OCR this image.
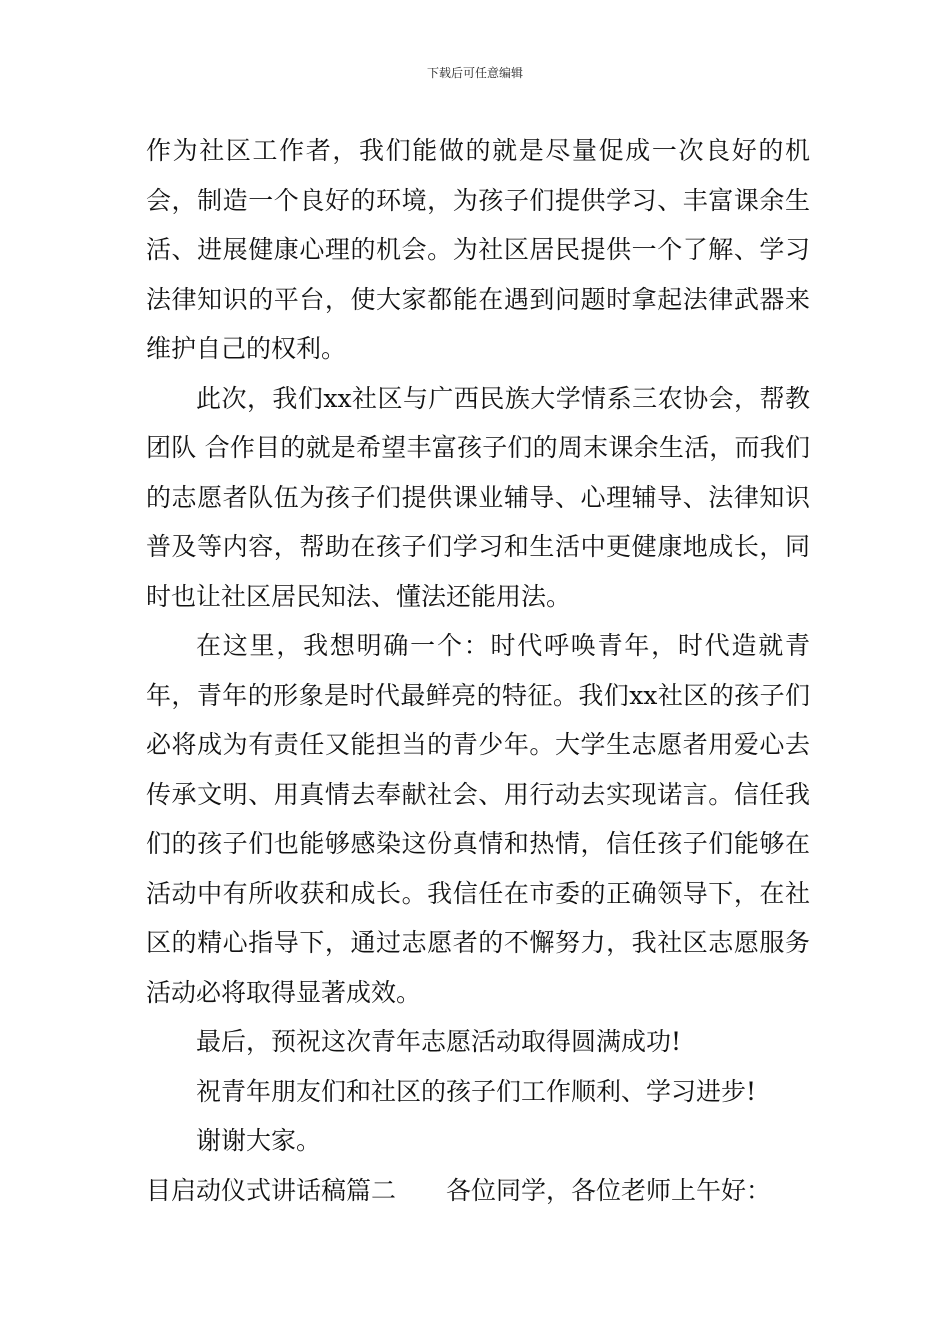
下载后可任意编辑

作为社区工作者，我们能做的就是尽量促成一次良好的机会，制造一个良好的环境，为孩子们提供学习、丰富课余生活、进展健康心理的机会。为社区居民提供一个了解、学习法律知识的平台，使大家都能在遇到问题时拿起法律武器来维护自己的权利。

此次，我们xx社区与广西民族大学情系三农协会，帮教团队 合作目的就是希望丰富孩子们的周末课余生活，而我们的志愿者队伍为孩子们提供课业辅导、心理辅导、法律知识普及等内容，帮助在孩子们学习和生活中更健康地成长，同时也让社区居民知法、懂法还能用法。

在这里，我想明确一个：时代呼唤青年，时代造就青年，青年的形象是时代最鲜亮的特征。我们xx社区的孩子们必将成为有责任又能担当的青少年。大学生志愿者用爱心去传承文明、用真情去奉献社会、用行动去实现诺言。信任我们的孩子们也能够感染这份真情和热情，信任孩子们能够在活动中有所收获和成长。我信任在市委的正确领导下，在社区的精心指导下，通过志愿者的不懈努力，我社区志愿服务活动必将取得显著成效。

最后，预祝这次青年志愿活动取得圆满成功!

祝青年朋友们和社区的孩子们工作顺利、学习进步!

谢谢大家。

目启动仪式讲话稿篇二 各位同学，各位老师上午好：
